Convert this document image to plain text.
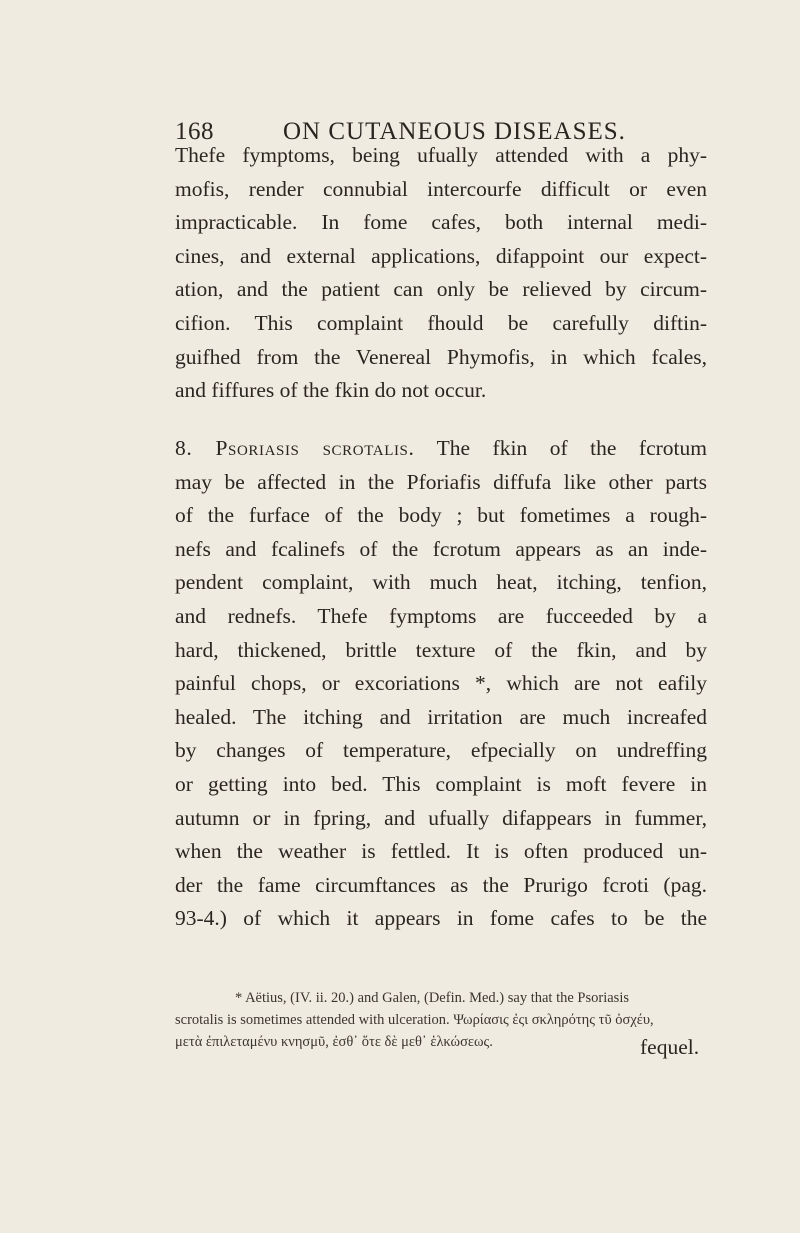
168	ON CUTANEOUS DISEASES.
Thefe fymptoms, being ufually attended with a phy-
mofis, render connubial intercourfe difficult or even
impracticable. In fome cafes, both internal medi-
cines, and external applications, difappoint our expect-
ation, and the patient can only be relieved by circum-
cifion. This complaint fhould be carefully diftin-
guifhed from the Venereal Phymofis, in which fcales,
and fiffures of the fkin do not occur.
8. Psoriasis scrotalis. The fkin of the fcrotum
may be affected in the Pforiafis diffufa like other parts
of the furface of the body ; but fometimes a rough-
nefs and fcalinefs of the fcrotum appears as an inde-
pendent complaint, with much heat, itching, tenfion,
and rednefs. Thefe fymptoms are fucceeded by a
hard, thickened, brittle texture of the fkin, and by
painful chops, or excoriations *, which are not eafily
healed. The itching and irritation are much increafed
by changes of temperature, efpecially on undreffing
or getting into bed. This complaint is moft fevere in
autumn or in fpring, and ufually difappears in fummer,
when the weather is fettled. It is often produced un-
der the fame circumftances as the Prurigo fcroti (pag.
93-4.) of which it appears in fome cafes to be the
* Aëtius, (IV. ii. 20.) and Galen, (Defin. Med.) say that the Psoriasis
scrotalis is sometimes attended with ulceration. Ψωρίασις ἐςι σκληρότης τῦ ὀσχέυ,
μετὰ ἐπιλεταμένυ κνησμῦ, ἐσθ᾽ ὅτε δὲ μεθ᾽ ἑλκώσεως.	fequel.
